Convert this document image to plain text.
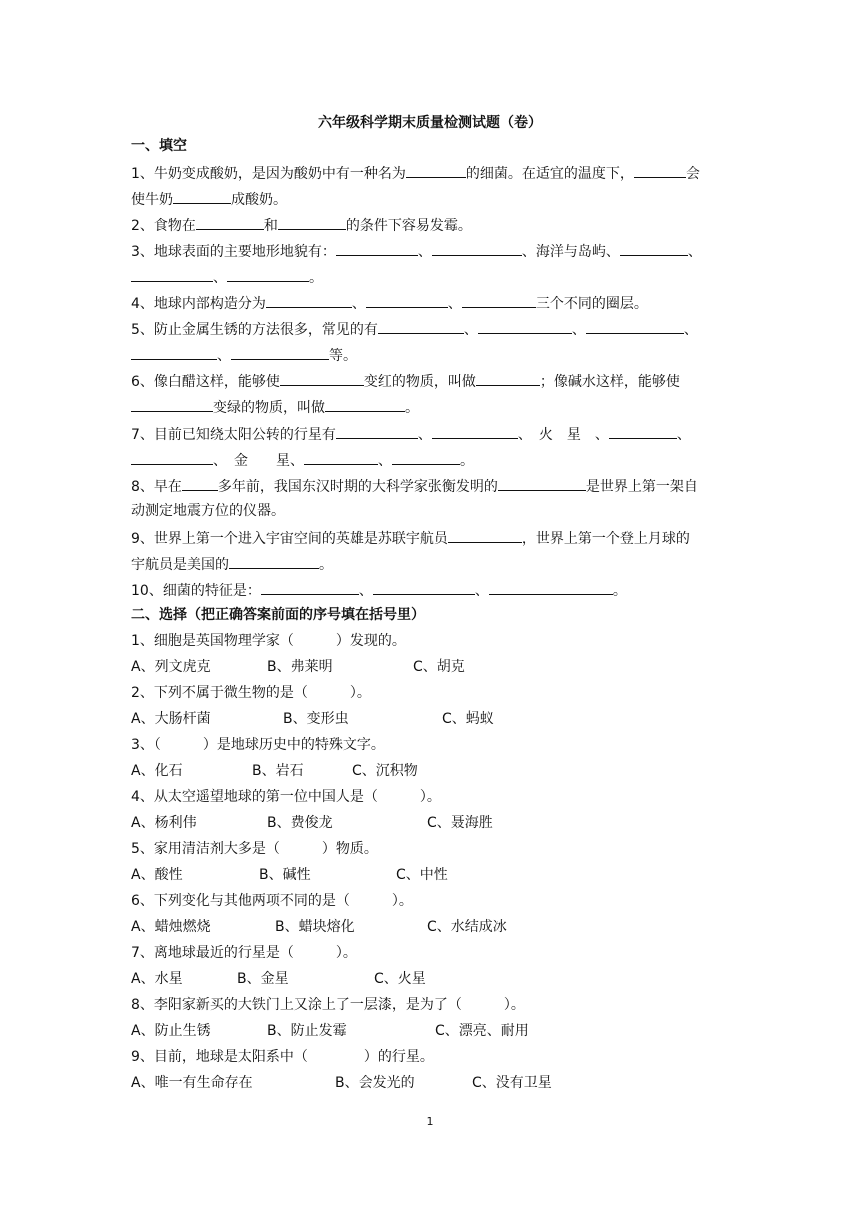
六年级科学期末质量检测试题（卷）
一、填空
1、牛奶变成酸奶，是因为酸奶中有一种名为	的细菌。在适宜的温度下，	会
使牛奶	成酸奶。
2、食物在	和	的条件下容易发霉。
3、地球表面的主要地形地貌有：	、	、海洋与岛屿、	、
、	。
4、地球内部构造分为	、	、	三个不同的圈层。
5、防止金属生锈的方法很多，常见的有	、	、	、
、	等。
6、像白醋这样，能够使	变红的物质，叫做	；像碱水这样，能够使
变绿的物质，叫做	。
7、目前已知绕太阳公转的行星有	、	、　火　星　、	、
、　金　　星、	、	。
8、早在	多年前，我国东汉时期的大科学家张衡发明的	是世界上第一架自
动测定地震方位的仪器。
9、世界上第一个进入宇宙空间的英雄是苏联宇航员	，世界上第一个登上月球的
宇航员是美国的	。
10、细菌的特征是：	、	、	。
二、选择（把正确答案前面的序号填在括号里）
1、细胞是英国物理学家（　　　）发现的。
A、列文虎克	B、弗莱明	C、胡克
2、下列不属于微生物的是（　　　）。
A、大肠杆菌	B、变形虫	C、蚂蚁
3、（　　　）是地球历史中的特殊文字。
A、化石	B、岩石	C、沉积物
4、从太空遥望地球的第一位中国人是（　　　）。
A、杨利伟	B、费俊龙	C、聂海胜
5、家用清洁剂大多是（　　　）物质。
A、酸性	B、碱性	C、中性
6、下列变化与其他两项不同的是（　　　）。
A、蜡烛燃烧	B、蜡块熔化	C、水结成冰
7、离地球最近的行星是（　　　）。
A、水星	B、金星	C、火星
8、李阳家新买的大铁门上又涂上了一层漆，是为了（　　　）。
A、防止生锈	B、防止发霉	C、漂亮、耐用
9、目前，地球是太阳系中（　　　　）的行星。
A、唯一有生命存在	B、会发光的	C、没有卫星
1
